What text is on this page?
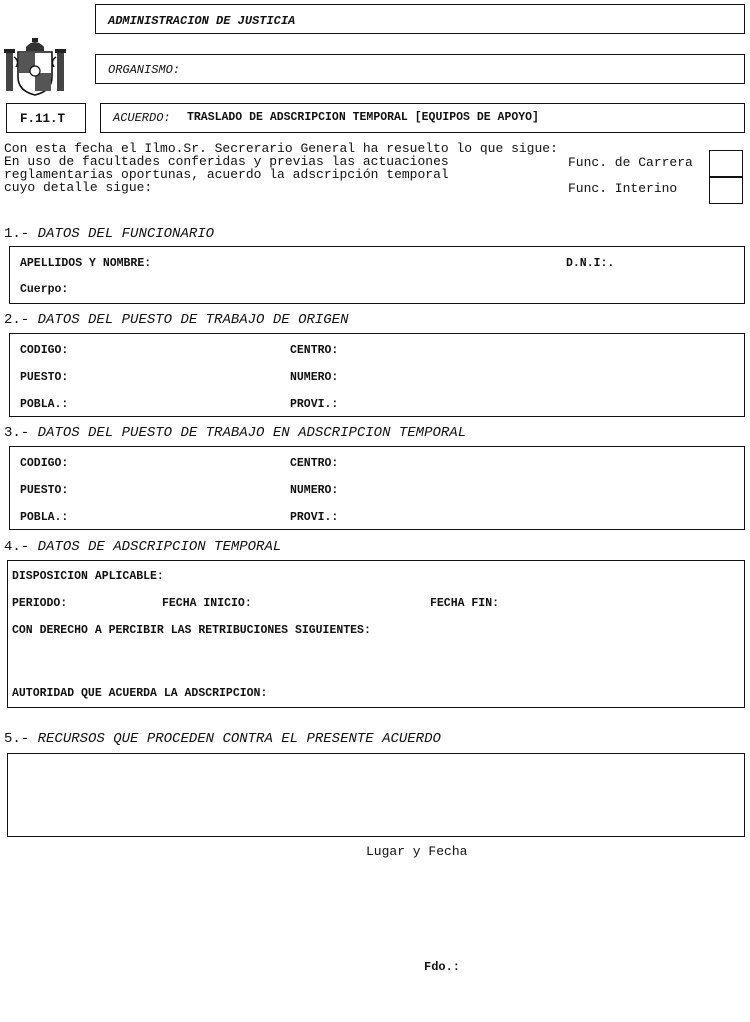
ADMINISTRACION DE JUSTICIA
ORGANISMO:
F.11.T	ACUERDO: TRASLADO DE ADSCRIPCION TEMPORAL [EQUIPOS DE APOYO]
Con esta fecha el Ilmo.Sr. Secrerario General ha resuelto lo que sigue:
En uso de facultades conferidas y previas las actuaciones
reglamentarias oportunas, acuerdo la adscripción temporal
cuyo detalle sigue:
Func. de Carrera
Func. Interino
1.- DATOS DEL FUNCIONARIO
APELLIDOS Y NOMBRE:	D.N.I:.
Cuerpo:
2.- DATOS DEL PUESTO DE TRABAJO DE ORIGEN
CODIGO:	CENTRO:
PUESTO:	NUMERO:
POBLA.:	PROVI.:
3.- DATOS DEL PUESTO DE TRABAJO EN ADSCRIPCION TEMPORAL
CODIGO:	CENTRO:
PUESTO:	NUMERO:
POBLA.:	PROVI.:
4.- DATOS DE ADSCRIPCION TEMPORAL
DISPOSICION APLICABLE:
PERIODO:	FECHA INICIO:	FECHA FIN:
CON DERECHO A PERCIBIR LAS RETRIBUCIONES SIGUIENTES:
AUTORIDAD QUE ACUERDA LA ADSCRIPCION:
5.- RECURSOS QUE PROCEDEN CONTRA EL PRESENTE ACUERDO
Lugar y Fecha
Fdo.:
